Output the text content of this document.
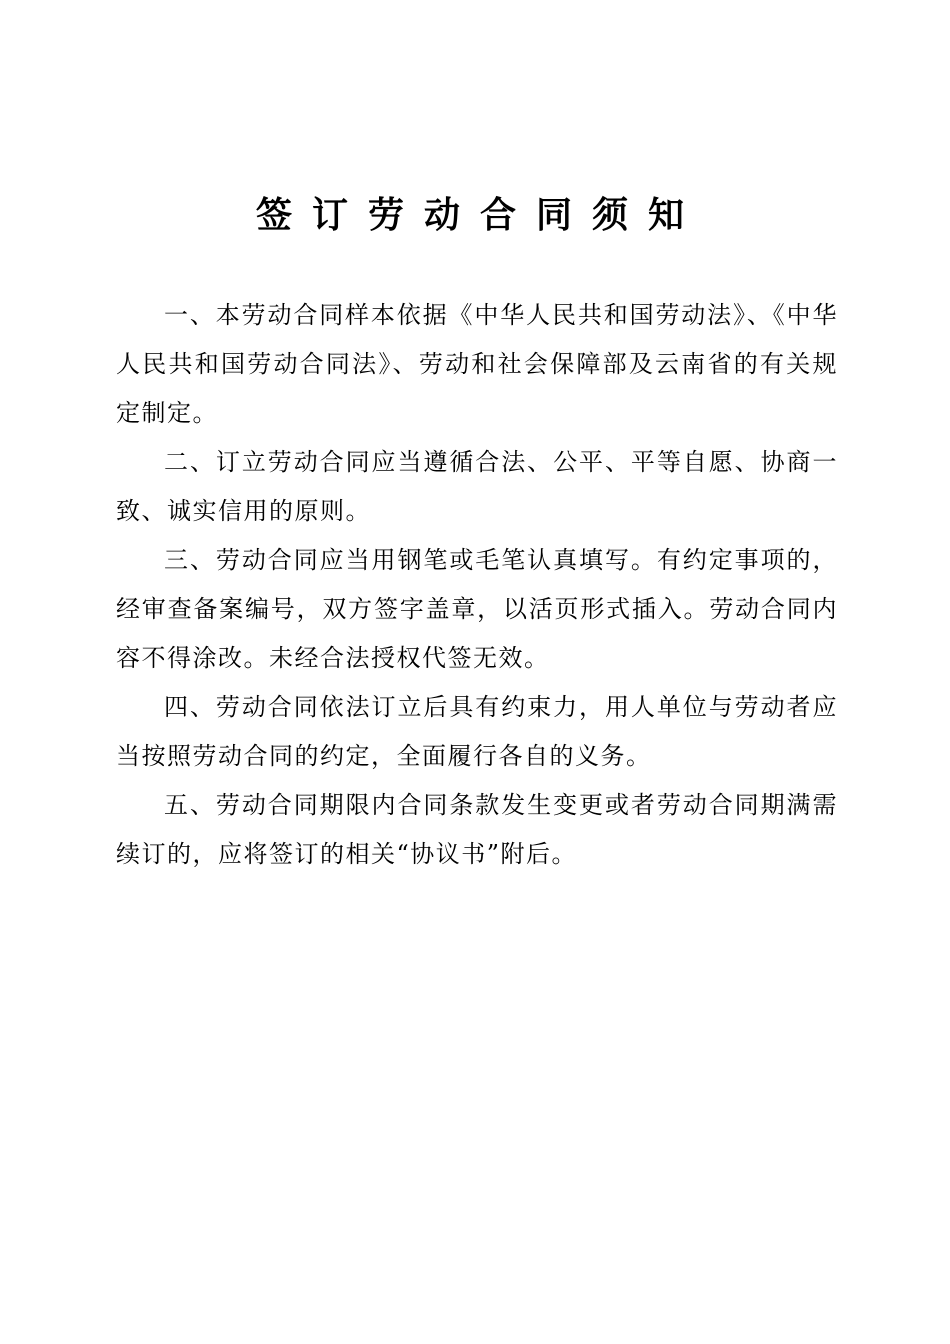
签订劳动合同须知

一、本劳动合同样本依据《中华人民共和国劳动法》、《中华人民共和国劳动合同法》、劳动和社会保障部及云南省的有关规定制定。

二、订立劳动合同应当遵循合法、公平、平等自愿、协商一致、诚实信用的原则。

三、劳动合同应当用钢笔或毛笔认真填写。有约定事项的，经审查备案编号，双方签字盖章，以活页形式插入。劳动合同内容不得涂改。未经合法授权代签无效。

四、劳动合同依法订立后具有约束力，用人单位与劳动者应当按照劳动合同的约定，全面履行各自的义务。

五、劳动合同期限内合同条款发生变更或者劳动合同期满需续订的，应将签订的相关“协议书”附后。
